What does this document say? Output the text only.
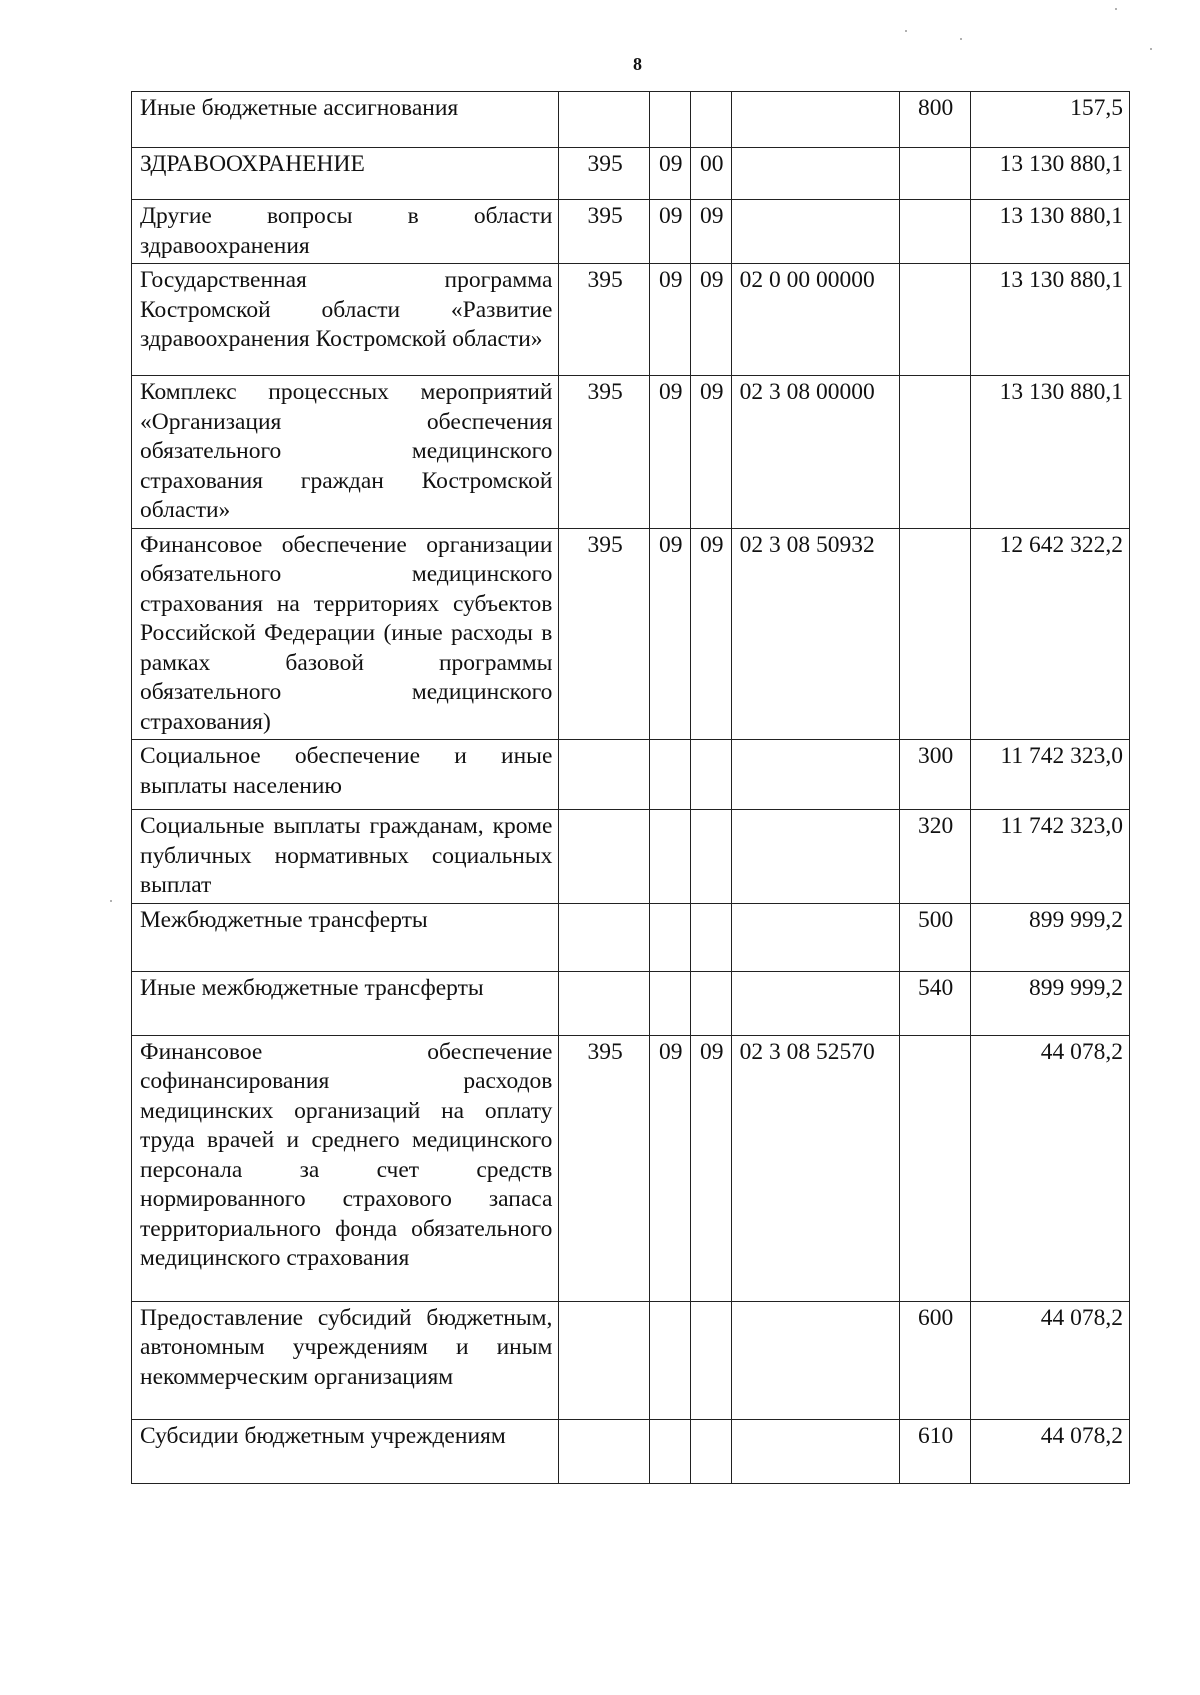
8
Иные бюджетные ассигнования					800	157,5
ЗДРАВООХРАНЕНИЕ	395	09	00			13 130 880,1
Другие вопросы в области здравоохранения	395	09	09			13 130 880,1
Государственная программа Костромской области «Развитие здравоохранения Костромской области»	395	09	09	02 0 00 00000		13 130 880,1
Комплекс процессных мероприятий «Организация обеспечения обязательного медицинского страхования граждан Костромской области»	395	09	09	02 3 08 00000		13 130 880,1
Финансовое обеспечение организации обязательного медицинского страхования на территориях субъектов Российской Федерации (иные расходы в рамках базовой программы обязательного медицинского страхования)	395	09	09	02 3 08 50932		12 642 322,2
Социальное обеспечение и иные выплаты населению					300	11 742 323,0
Социальные выплаты гражданам, кроме публичных нормативных социальных выплат					320	11 742 323,0
Межбюджетные трансферты					500	899 999,2
Иные межбюджетные трансферты					540	899 999,2
Финансовое обеспечение софинансирования расходов медицинских организаций на оплату труда врачей и среднего медицинского персонала за счет средств нормированного страхового запаса территориального фонда обязательного медицинского страхования	395	09	09	02 3 08 52570		44 078,2
Предоставление субсидий бюджетным, автономным учреждениям и иным некоммерческим организациям					600	44 078,2
Субсидии бюджетным учреждениям					610	44 078,2
